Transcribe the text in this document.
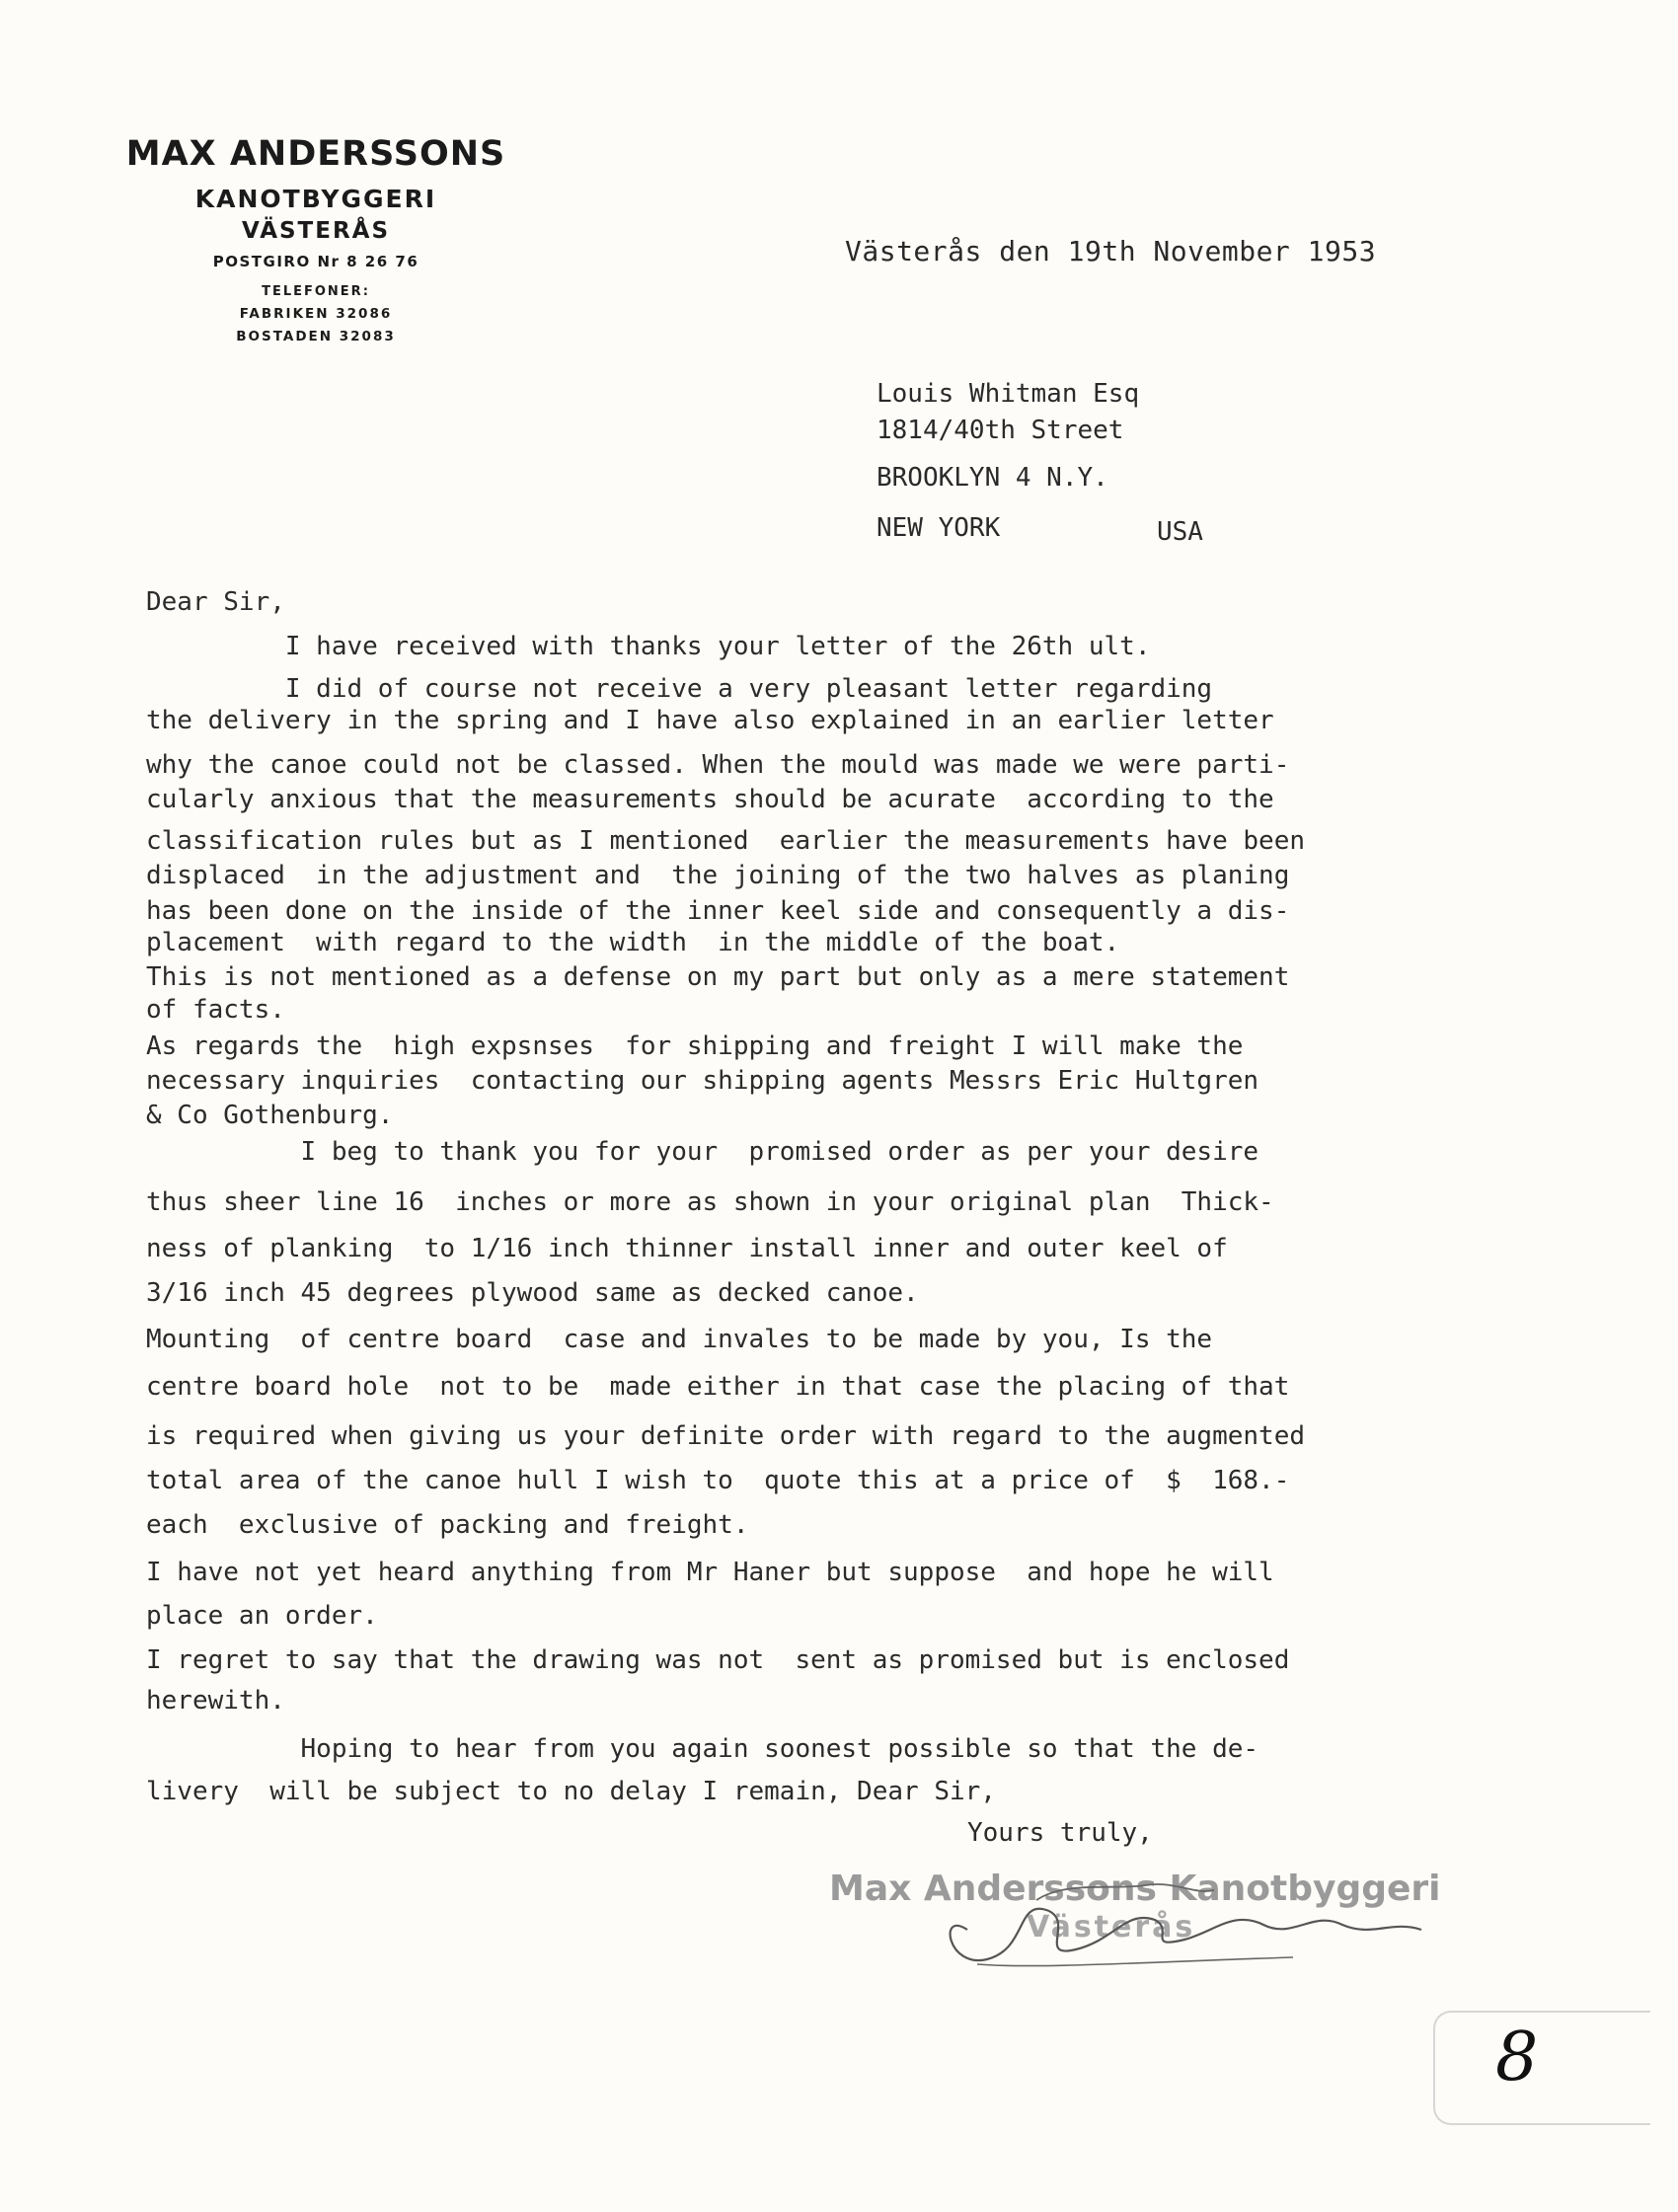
MAX ANDERSSONS
KANOTBYGGERI
VÄSTERÅS
POSTGIRO Nr 8 26 76
TELEFONER:
FABRIKEN 32086
BOSTADEN 32083
Västerås den 19th November 1953
Louis Whitman Esq
1814/40th Street
BROOKLYN 4 N.Y.
NEW YORK	USA
Dear Sir,
I have received with thanks your letter of the 26th ult.
I did of course not receive a very pleasant letter regarding
the delivery in the spring and I have also explained in an earlier letter
why the canoe could not be classed. When the mould was made we were parti-
cularly anxious that the measurements should be acurate  according to the
classification rules but as I mentioned  earlier the measurements have been
displaced  in the adjustment and  the joining of the two halves as planing
has been done on the inside of the inner keel side and consequently a dis-
placement  with regard to the width  in the middle of the boat.
This is not mentioned as a defense on my part but only as a mere statement
of facts.
As regards the  high expsnses  for shipping and freight I will make the
necessary inquiries  contacting our shipping agents Messrs Eric Hultgren
& Co Gothenburg.
I beg to thank you for your  promised order as per your desire
thus sheer line 16  inches or more as shown in your original plan  Thick-
ness of planking  to 1/16 inch thinner install inner and outer keel of
3/16 inch 45 degrees plywood same as decked canoe.
Mounting  of centre board  case and invales to be made by you, Is the
centre board hole  not to be  made either in that case the placing of that
is required when giving us your definite order with regard to the augmented
total area of the canoe hull I wish to  quote this at a price of  $  168.-
each  exclusive of packing and freight.
I have not yet heard anything from Mr Haner but suppose  and hope he will
place an order.
I regret to say that the drawing was not  sent as promised but is enclosed
herewith.
Hoping to hear from you again soonest possible so that the de-
livery  will be subject to no delay I remain, Dear Sir,
Yours truly,
Max Anderssons Kanotbyggeri
Västerås
8
